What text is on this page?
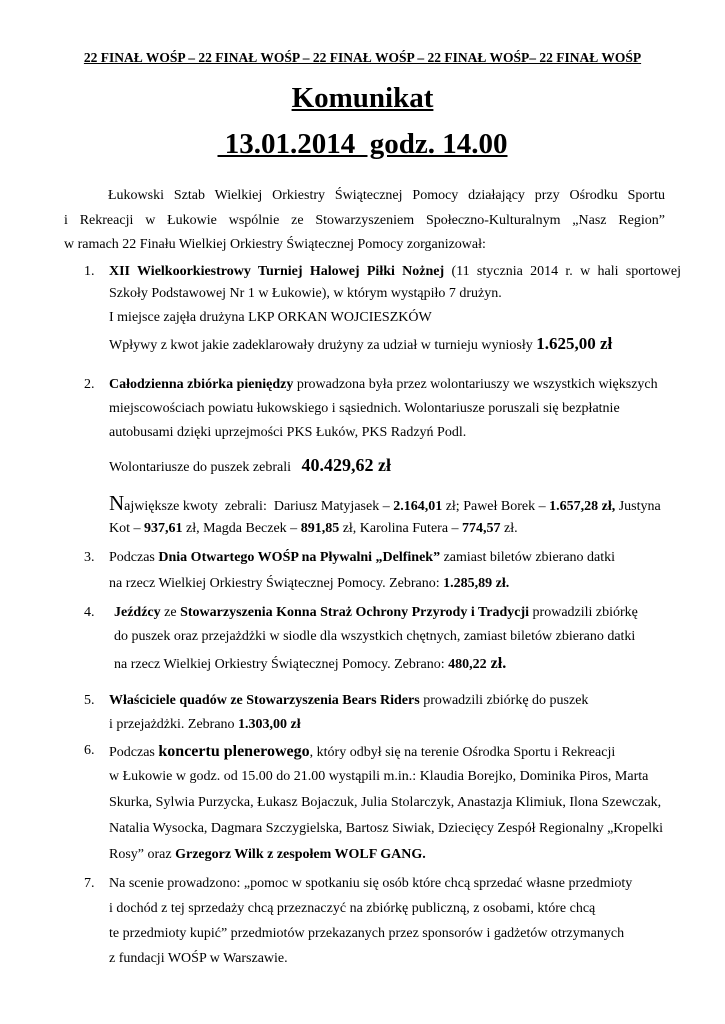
22 FINAŁ WOŚP – 22 FINAŁ WOŚP – 22 FINAŁ WOŚP – 22 FINAŁ WOŚP– 22 FINAŁ WOŚP
Komunikat
13.01.2014  godz. 14.00
Łukowski Sztab Wielkiej Orkiestry Świątecznej Pomocy działający przy Ośrodku Sportu
i Rekreacji w Łukowie wspólnie ze Stowarzyszeniem Społeczno-Kulturalnym „Nasz Region”
w ramach 22 Finału Wielkiej Orkiestry Świątecznej Pomocy zorganizował:
1. XII Wielkoorkiestrowy Turniej Halowej Piłki Nożnej (11 stycznia 2014 r. w hali sportowej
Szkoły Podstawowej Nr 1 w Łukowie), w którym wystąpiło 7 drużyn.
I miejsce zajęła drużyna LKP ORKAN WOJCIESZKÓW
Wpływy z kwot jakie zadeklarowały drużyny za udział w turnieju wyniosły 1.625,00 zł
2. Całodzienna zbiórka pieniędzy prowadzona była przez wolontariuszy we wszystkich większych
miejscowościach powiatu łukowskiego i sąsiednich. Wolontariusze poruszali się bezpłatnie
autobusami dzięki uprzejmości PKS Łuków, PKS Radzyń Podl.
Wolontariusze do puszek zebrali   40.429,62 zł
Największe kwoty  zebrali:  Dariusz Matyjasek – 2.164,01 zł; Paweł Borek – 1.657,28 zł, Justyna
Kot – 937,61 zł, Magda Beczek – 891,85 zł, Karolina Futera – 774,57 zł.
3. Podczas Dnia Otwartego WOŚP na Pływalni „Delfinek” zamiast biletów zbierano datki
na rzecz Wielkiej Orkiestry Świątecznej Pomocy. Zebrano: 1.285,89 zł.
4. Jeźdźcy ze Stowarzyszenia Konna Straż Ochrony Przyrody i Tradycji prowadzili zbiórkę
do puszek oraz przejażdżki w siodle dla wszystkich chętnych, zamiast biletów zbierano datki
na rzecz Wielkiej Orkiestry Świątecznej Pomocy. Zebrano: 480,22 zł.
5. Właściciele quadów ze Stowarzyszenia Bears Riders prowadzili zbiórkę do puszek
i przejażdżki. Zebrano 1.303,00 zł
6. Podczas koncertu plenerowego, który odbył się na terenie Ośrodka Sportu i Rekreacji
w Łukowie w godz. od 15.00 do 21.00 wystąpili m.in.: Klaudia Borejko, Dominika Piros, Marta
Skurka, Sylwia Purzycka, Łukasz Bojaczuk, Julia Stolarczyk, Anastazja Klimiuk, Ilona Szewczak,
Natalia Wysocka, Dagmara Szczygielska, Bartosz Siwiak, Dziecięcy Zespół Regionalny „Kropelki
Rosy” oraz Grzegorz Wilk z zespołem WOLF GANG.
7. Na scenie prowadzono: „pomoc w spotkaniu się osób które chcą sprzedać własne przedmioty
i dochód z tej sprzedaży chcą przeznaczyć na zbiórkę publiczną, z osobami, które chcą
te przedmioty kupić” przedmiotów przekazanych przez sponsorów i gadżetów otrzymanych
z fundacji WOŚP w Warszawie.
